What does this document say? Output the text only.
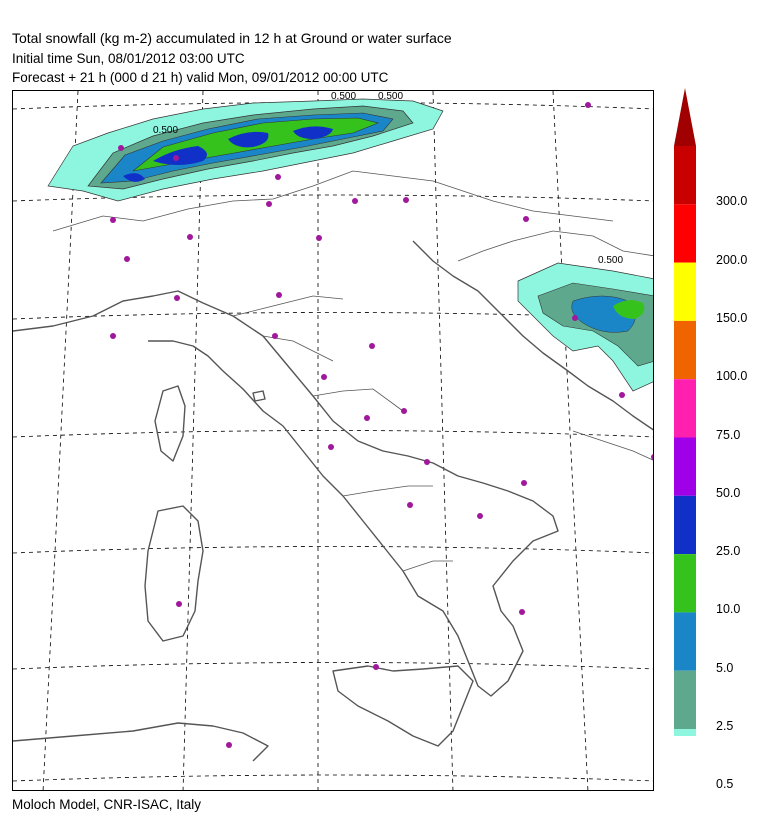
Total snowfall (kg m-2) accumulated in 12 h at Ground or water surface
Initial time Sun, 08/01/2012 03:00 UTC
Forecast + 21 h (000 d 21 h) valid Mon, 09/01/2012 00:00 UTC
0.500
0.500
0.500
0.500
0.5
2.5
5.0
10.0
25.0
50.0
75.0
100.0
150.0
200.0
300.0
Moloch Model, CNR-ISAC, Italy
